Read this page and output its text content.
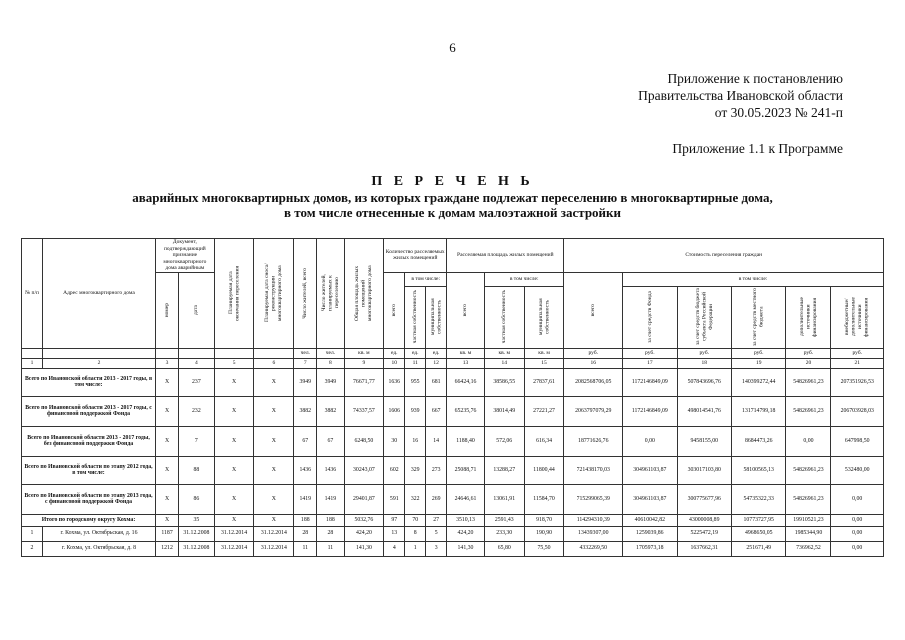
6
Приложение к постановлению
Правительства Ивановской области
от 30.05.2023 № 241-п
Приложение 1.1 к Программе
П Е Р Е Ч Е Н Ь
аварийных многоквартирных домов, из которых граждане подлежат переселению в многоквартирные дома,
в том числе отнесенные к домам малоэтажной застройки
№ п/п	Адрес многоквартирного дома	Документ, подтверждающий признание многоквартирного дома аварийным		Планируемая дата окончания переселения	Планируемая дата сноса/реконструкции многоквартирного дома	Число жителей, всего	Число жителей, планируемых к переселению	Общая площадь жилых помещений многоквартирного дома	Количество расселяемых жилых помещений			Расселяемая площадь жилых помещений			Стоимость переселения граждан					

		номер	дата						всего	в том числе:		всего	в том числе:		всего	в том числе:				

										частная собственность	муниципальная собственность		частная собственность	муниципальная собственность		за счет средств Фонда	за счет средств бюджета субъекта Российской Федерации	за счет средств местного бюджета	дополнительные источники финансирования	внебюджетные/ дополнительные источники финансирования

						чел.	чел.	кв. м	ед.	ед.	ед.	кв. м	кв. м	кв. м	руб.	руб.	руб.	руб.	руб.	руб.
1	2	3	4	5	6	7	8	9	10	11	12	13	14	15	16	17	18	19	20	21
Всего по Ивановской области 2013 - 2017 годы, в том числе:		X	237	X	X	3949	3949	76671,77	1636	955	681	66424,16	38586,55	27837,61	2082568706,05	1172146849,09	507843696,76	140399272,44	54826961,23	207351926,53
Всего по Ивановской области 2013 - 2017 годы, с финансовой поддержкой Фонда		X	232	X	X	3882	3882	74337,57	1606	939	667	65235,76	38014,49	27221,27	2063797079,29	1172146849,09	498014541,76	131714799,18	54826961,23	206703928,03
Всего по Ивановской области 2013 - 2017 годы, без финансовой поддержки Фонда		X	7	X	X	67	67	6248,50	30	16	14	1188,40	572,06	616,34	18771626,76	0,00	9458155,00	8684473,26	0,00	647998,50
Всего по Ивановской области по этапу 2012 года, в том числе:		X	88	X	X	1436	1436	30243,07	602	329	273	25088,71	13288,27	11800,44	721438170,03	304961103,87	303017103,80	58100565,13	54826961,23	532480,00
Всего по Ивановской области по этапу 2013 года, с финансовой поддержкой Фонда		X	86	X	X	1419	1419	29401,87	591	322	269	24646,61	13061,91	11584,70	715299065,39	304961103,87	300775677,96	54735322,33	54826961,23	0,00
Итого по городскому округу Кохма:		X	35	X	X	188	188	5032,76	97	70	27	3510,13	2591,43	918,70	114294310,39	40610042,82	43000008,89	10773727,95	19910521,23	0,00
1	г. Кохма, ул. Октябрьская, д. 16	1187	31.12.2008	31.12.2014	31.12.2014	28	28	424,20	13	8	5	424,20	233,30	190,90	13439307,00	1259039,86	5225472,19	4968650,05	1985344,90	0,00
2	г. Кохма, ул. Октябрьская, д. 8	1212	31.12.2008	31.12.2014	31.12.2014	11	11	141,30	4	1	3	141,30	65,80	75,50	4332269,50	1705973,18	1637662,31	251671,49	736962,52	0,00
